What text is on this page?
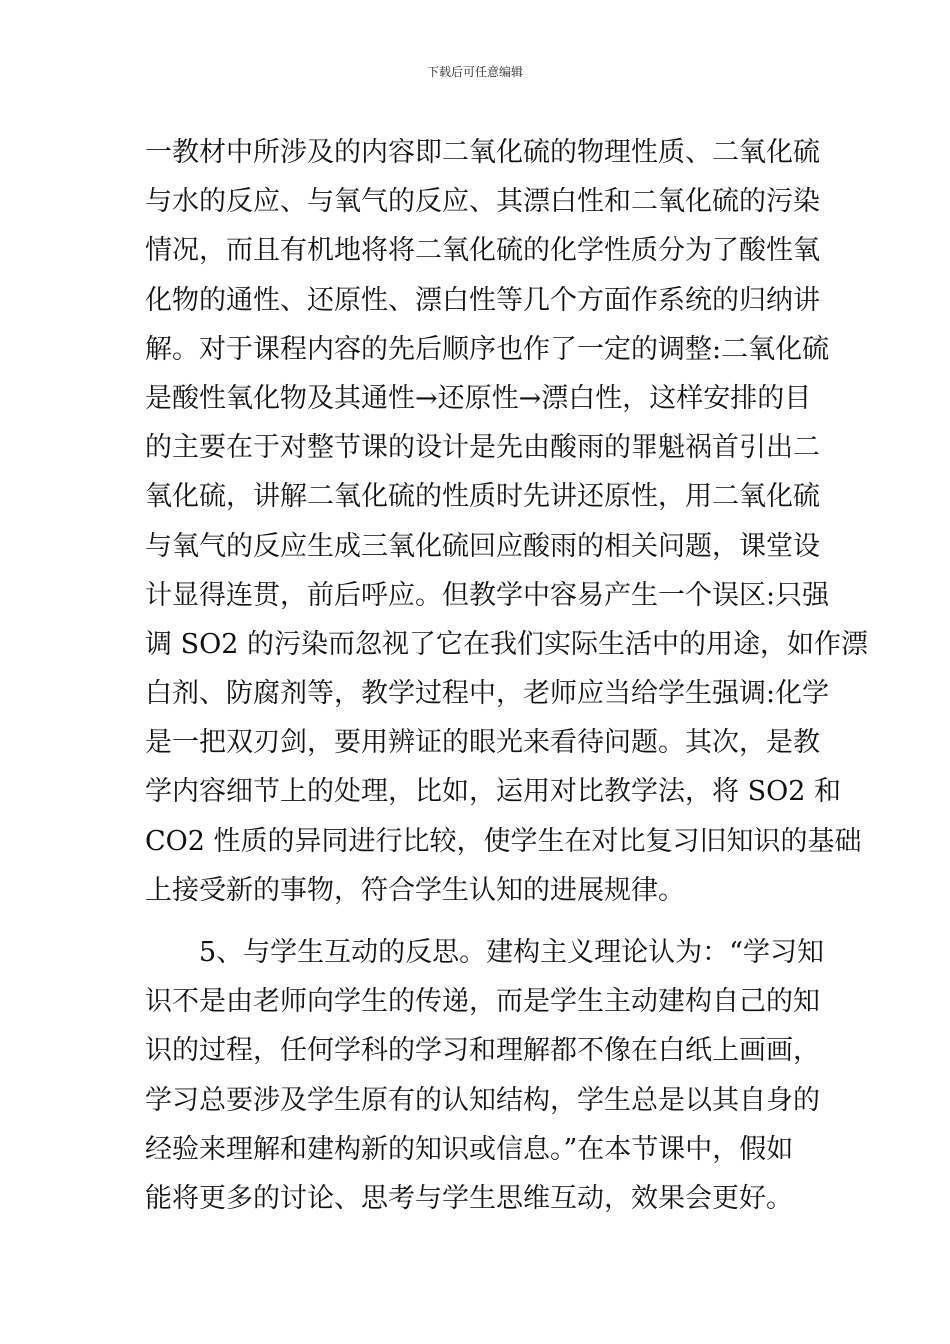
下载后可任意编辑
一教材中所涉及的内容即二氧化硫的物理性质、二氧化硫
与水的反应、与氧气的反应、其漂白性和二氧化硫的污染
情况，而且有机地将将二氧化硫的化学性质分为了酸性氧
化物的通性、还原性、漂白性等几个方面作系统的归纳讲
解。对于课程内容的先后顺序也作了一定的调整:二氧化硫
是酸性氧化物及其通性→还原性→漂白性，这样安排的目
的主要在于对整节课的设计是先由酸雨的罪魁祸首引出二
氧化硫，讲解二氧化硫的性质时先讲还原性，用二氧化硫
与氧气的反应生成三氧化硫回应酸雨的相关问题，课堂设
计显得连贯，前后呼应。但教学中容易产生一个误区:只强
调 SO2 的污染而忽视了它在我们实际生活中的用途，如作漂
白剂、防腐剂等，教学过程中，老师应当给学生强调:化学
是一把双刃剑，要用辨证的眼光来看待问题。其次，是教
学内容细节上的处理，比如，运用对比教学法，将 SO2 和
CO2 性质的异同进行比较，使学生在对比复习旧知识的基础
上接受新的事物，符合学生认知的进展规律。
　　5、与学生互动的反思。建构主义理论认为：“学习知
识不是由老师向学生的传递，而是学生主动建构自己的知
识的过程，任何学科的学习和理解都不像在白纸上画画，
学习总要涉及学生原有的认知结构，学生总是以其自身的
经验来理解和建构新的知识或信息。”在本节课中，假如
能将更多的讨论、思考与学生思维互动，效果会更好。
